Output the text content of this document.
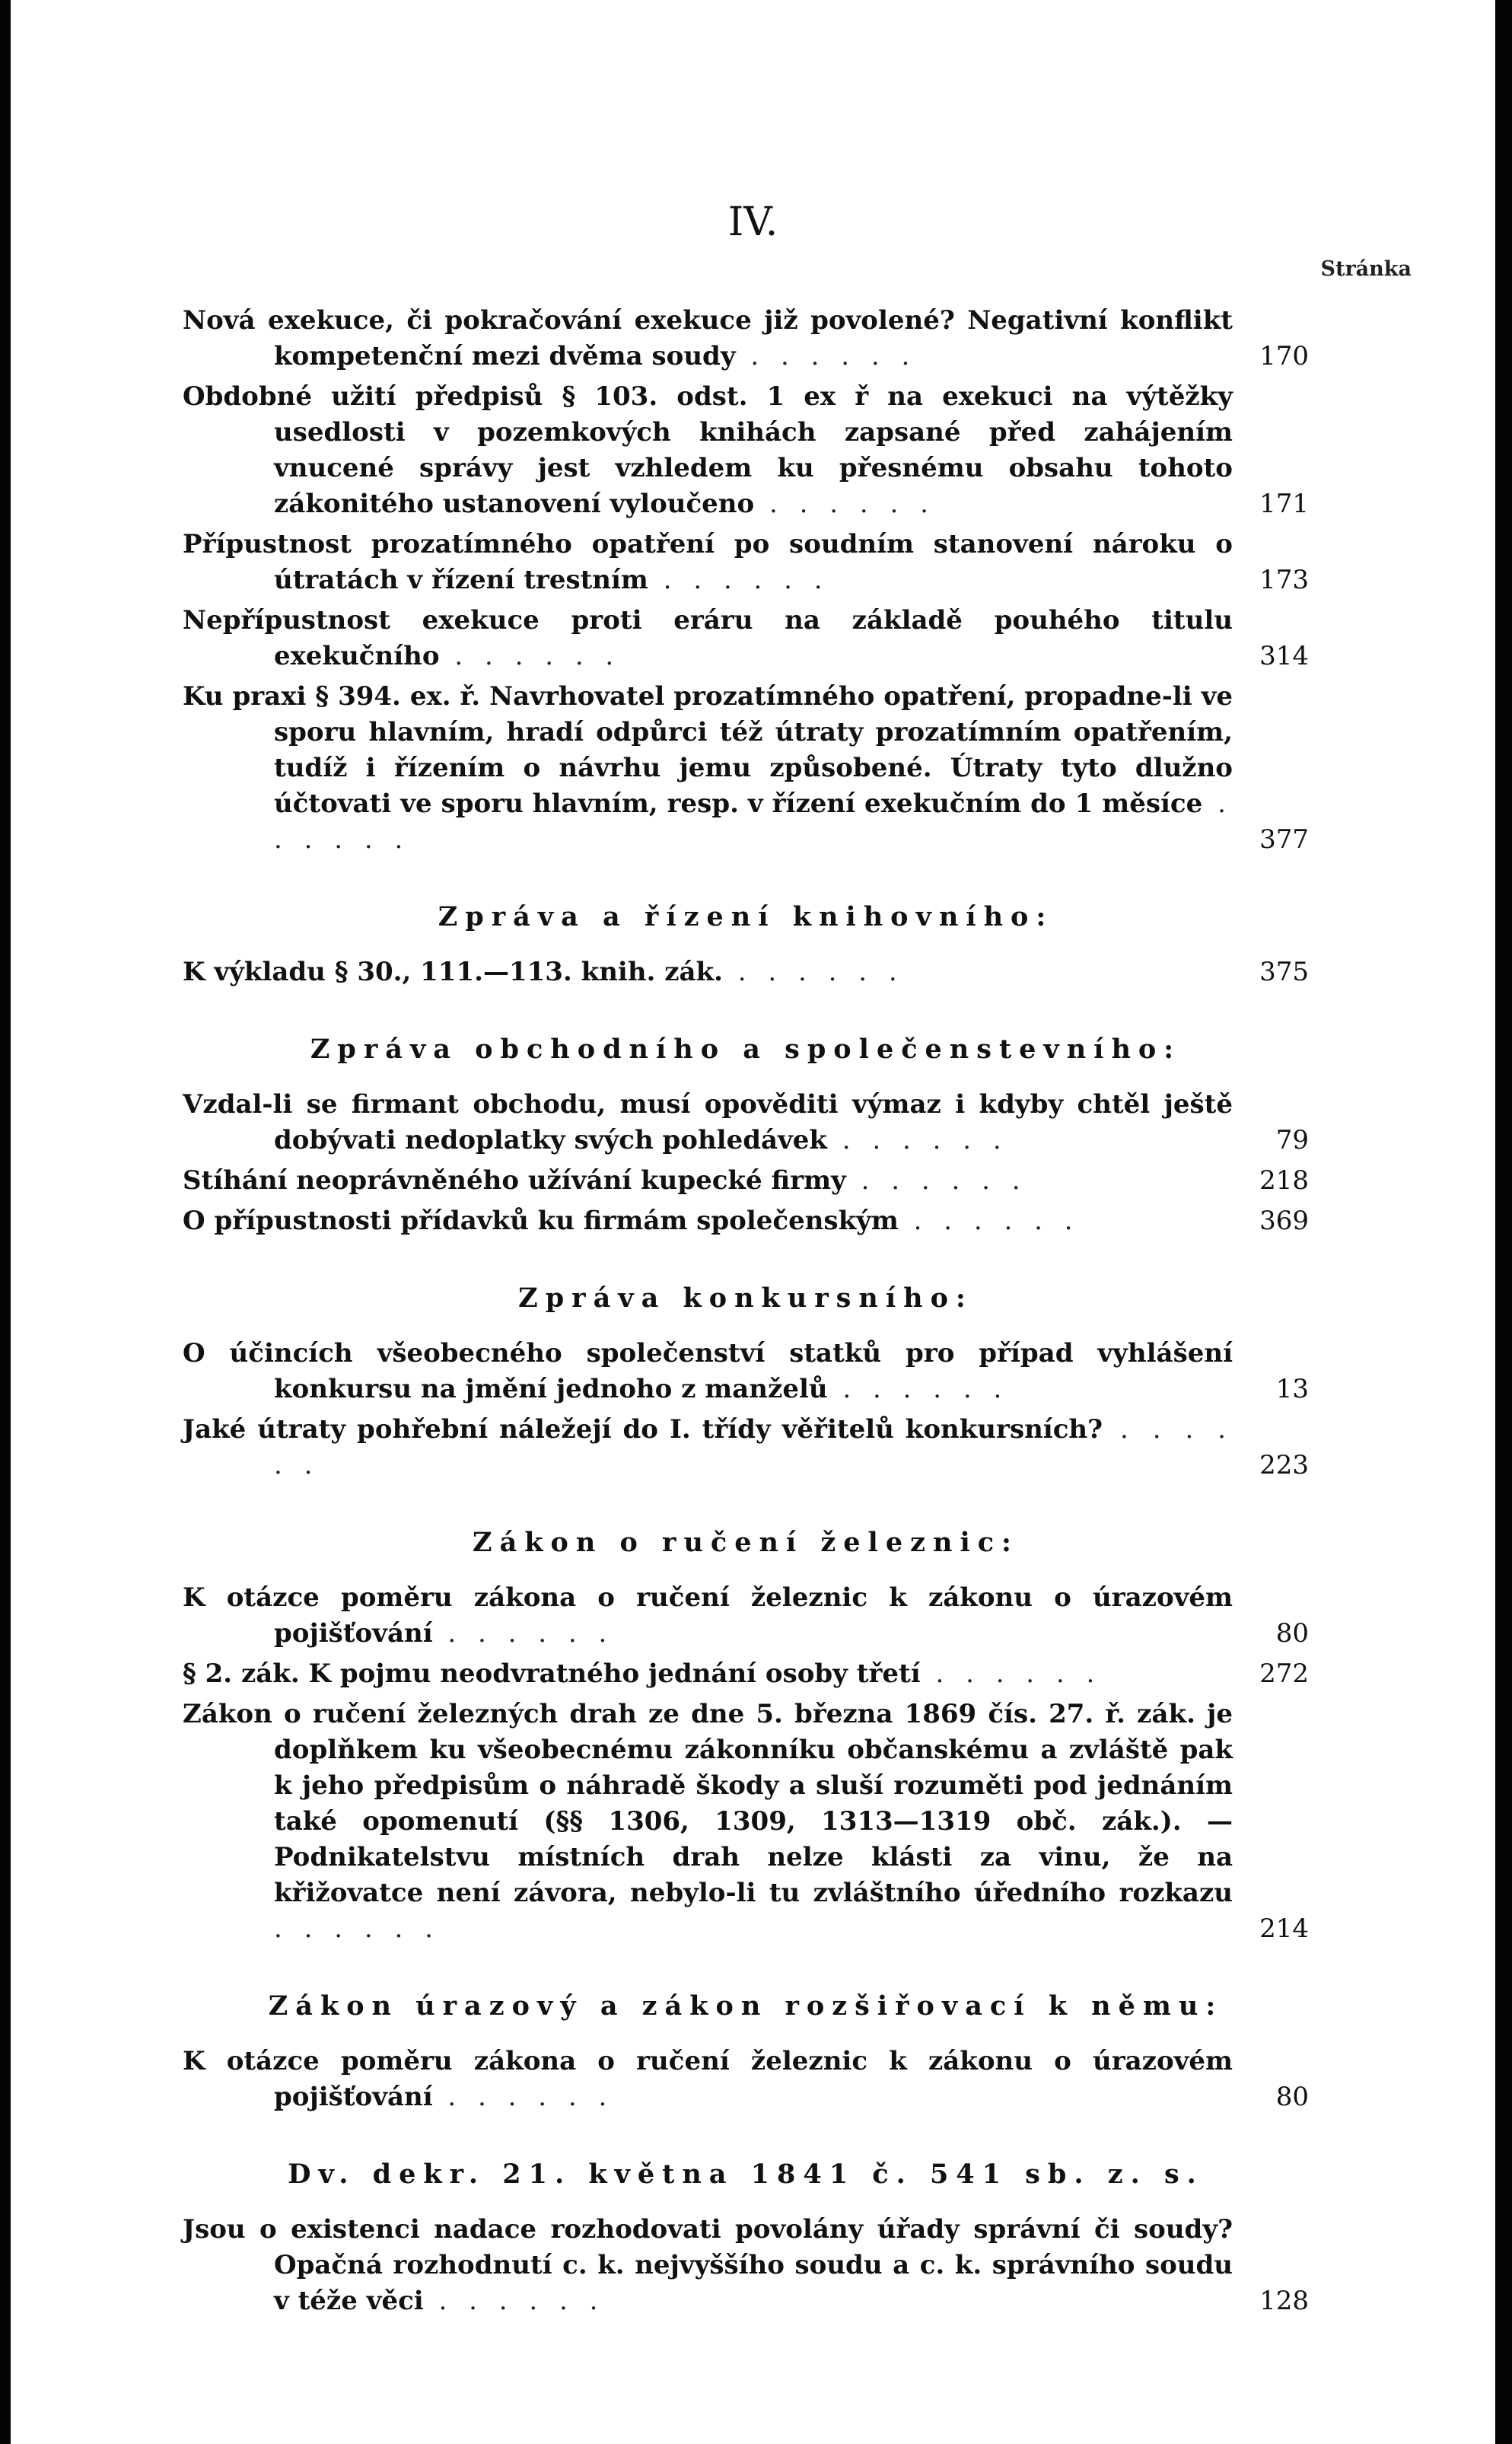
IV.
Stránka
Nová exekuce, či pokračování exekuce již povolené? Negativní konflikt kompetenční mezi dvěma soudy . . . . . .	170
Obdobné užití předpisů § 103. odst. 1 ex ř na exekuci na výtěžky usedlosti v pozemkových knihách zapsané před zahájením vnucené správy jest vzhledem ku přesnému obsahu tohoto zákonitého ustanovení vyloučeno . . . . . .	171
Přípustnost prozatímného opatření po soudním stanovení nároku o útratách v řízení trestním . . . . . .	173
Nepřípustnost exekuce proti eráru na základě pouhého titulu exekučního . . . . . .	314
Ku praxi § 394. ex. ř. Navrhovatel prozatímného opatření, propadne-li ve sporu hlavním, hradí odpůrci též útraty prozatímním opatřením, tudíž i řízením o návrhu jemu způsobené. Útraty tyto dlužno účtovati ve sporu hlavním, resp. v řízení exekučním do 1 měsíce . . . . . .	377
Zpráva a řízení knihovního:
K výkladu § 30., 111.—113. knih. zák. . . . . . .	375
Zpráva obchodního a společenstevního:
Vzdal-li se firmant obchodu, musí opověditi výmaz i kdyby chtěl ještě dobývati nedoplatky svých pohledávek . . . . . .	79
Stíhání neoprávněného užívání kupecké firmy . . . . . .	218
O přípustnosti přídavků ku firmám společenským . . . . . .	369
Zpráva konkursního:
O účincích všeobecného společenství statků pro případ vyhlášení konkursu na jmění jednoho z manželů . . . . . .	13
Jaké útraty pohřební náležejí do I. třídy věřitelů konkursních? . . . . . .	223
Zákon o ručení železnic:
K otázce poměru zákona o ručení železnic k zákonu o úrazovém pojišťování . . . . . .	80
§ 2. zák. K pojmu neodvratného jednání osoby třetí . . . . . .	272
Zákon o ručení železných drah ze dne 5. března 1869 čís. 27. ř. zák. je doplňkem ku všeobecnému zákonníku občanskému a zvláště pak k jeho předpisům o náhradě škody a sluší rozuměti pod jednáním také opomenutí (§§ 1306, 1309, 1313—1319 obč. zák.). — Podnikatelstvu místních drah nelze klásti za vinu, že na křižovatce není závora, nebylo-li tu zvláštního úředního rozkazu . . . . . .	214
Zákon úrazový a zákon rozšiřovací k němu:
K otázce poměru zákona o ručení železnic k zákonu o úrazovém pojišťování . . . . . .	80
Dv. dekr. 21. května 1841 č. 541 sb. z. s.
Jsou o existenci nadace rozhodovati povolány úřady správní či soudy? Opačná rozhodnutí c. k. nejvyššího soudu a c. k. správního soudu v téže věci . . . . . .	128
